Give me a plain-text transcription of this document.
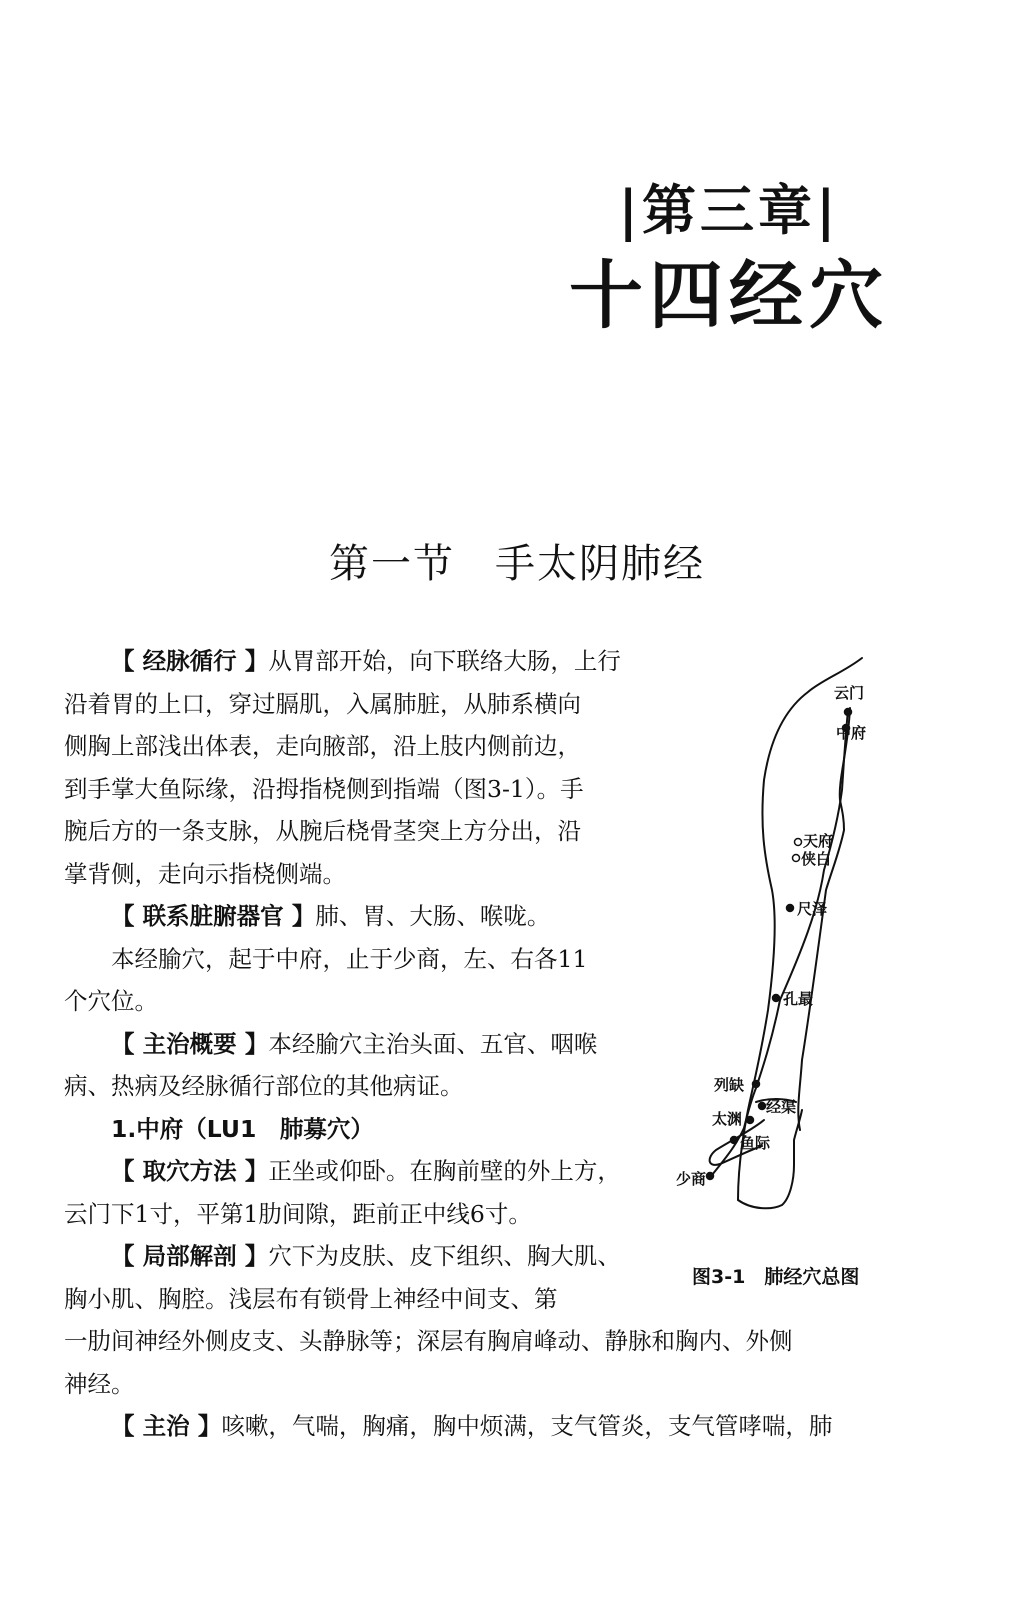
|第三章|
十四经穴
第一节 手太阴肺经
【 经脉循行 】从胃部开始，向下联络大肠，上行
沿着胃的上口，穿过膈肌，入属肺脏，从肺系横向
侧胸上部浅出体表，走向腋部，沿上肢内侧前边，
到手掌大鱼际缘，沿拇指桡侧到指端（图3-1）。手
腕后方的一条支脉，从腕后桡骨茎突上方分出，沿
掌背侧，走向示指桡侧端。
【 联系脏腑器官 】肺、胃、大肠、喉咙。
本经腧穴，起于中府，止于少商，左、右各11
个穴位。
【 主治概要 】本经腧穴主治头面、五官、咽喉
病、热病及经脉循行部位的其他病证。
1.中府（LU1　肺募穴）
【 取穴方法 】正坐或仰卧。在胸前壁的外上方，
云门下1寸，平第1肋间隙，距前正中线6寸。
【 局部解剖 】穴下为皮肤、皮下组织、胸大肌、
胸小肌、胸腔。浅层布有锁骨上神经中间支、第
一肋间神经外侧皮支、头静脉等；深层有胸肩峰动、静脉和胸内、外侧
神经。
【 主治 】咳嗽，气喘，胸痛，胸中烦满，支气管炎，支气管哮喘，肺
云门
中府
天府
侠白
尺泽
孔最
列缺
经渠
太渊
鱼际
少商
图3-1　肺经穴总图
